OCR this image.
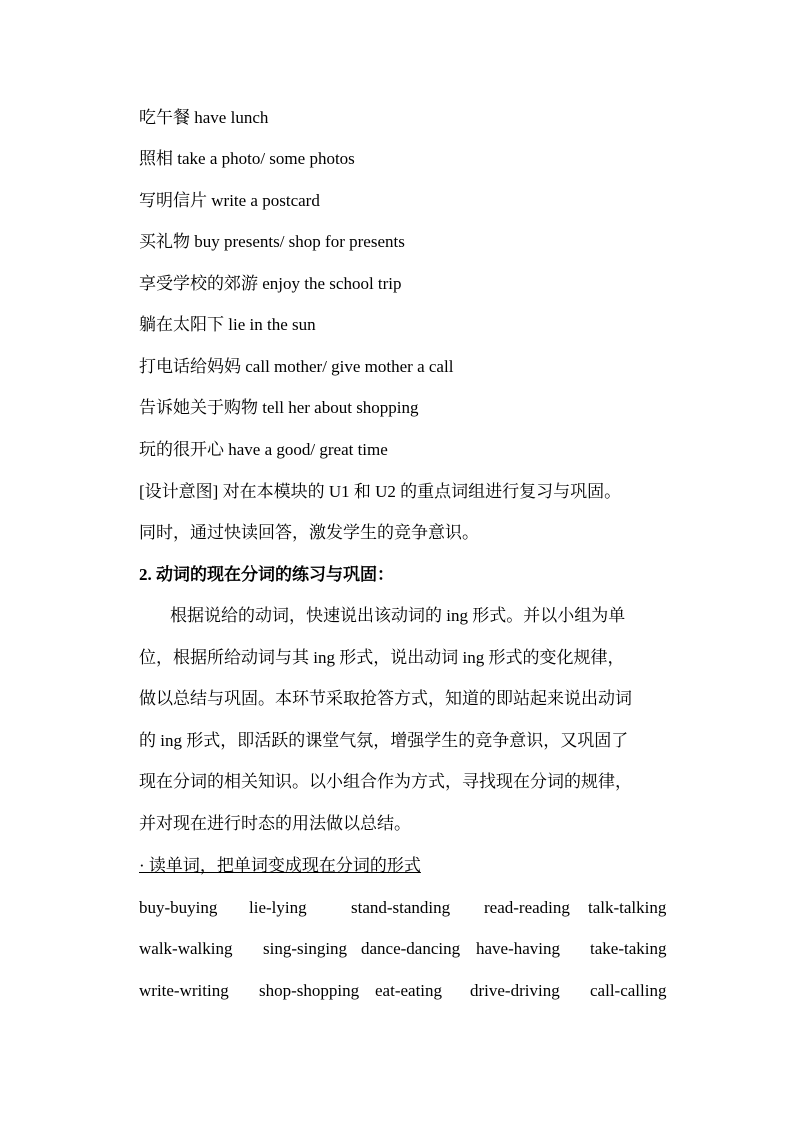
吃午餐 have lunch
照相 take a photo/ some photos
写明信片 write a postcard
买礼物 buy presents/ shop for presents
享受学校的郊游 enjoy the school trip
躺在太阳下 lie in the sun
打电话给妈妈 call mother/ give mother a call
告诉她关于购物 tell her about shopping
玩的很开心 have a good/ great time
[设计意图] 对在本模块的 U1 和 U2 的重点词组进行复习与巩固。
同时，通过快读回答，激发学生的竞争意识。
2. 动词的现在分词的练习与巩固：
根据说给的动词，快速说出该动词的 ing 形式。并以小组为单
位，根据所给动词与其 ing 形式，说出动词 ing 形式的变化规律，
做以总结与巩固。本环节采取抢答方式，知道的即站起来说出动词
的 ing 形式，即活跃的课堂气氛，增强学生的竞争意识，又巩固了
现在分词的相关知识。以小组合作为方式，寻找现在分词的规律，
并对现在进行时态的用法做以总结。
· 读单词，把单词变成现在分词的形式
buy-buying lie-lying	stand-standing read-reading talk-talking
walk-walking sing-singing dance-dancing have-having take-taking
write-writing shop-shopping eat-eating drive-driving call-calling
